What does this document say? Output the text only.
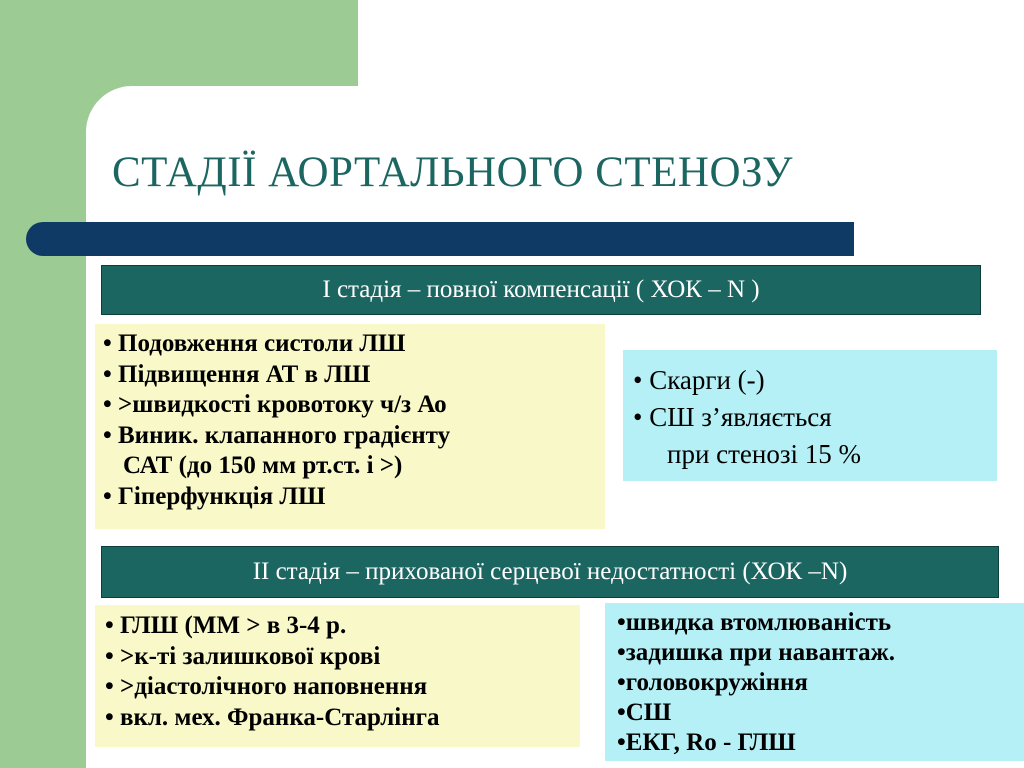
СТАДІЇ АОРТАЛЬНОГО СТЕНОЗУ
I стадія – повної компенсації ( ХОК – N )
• Подовження систоли ЛШ
• Підвищення АТ в ЛШ
• >швидкості кровотоку ч/з Ао
• Виник. клапанного градієнту
САТ (до 150 мм рт.ст. і >)
• Гіперфункція ЛШ
• Скарги (-)
• СШ з’являється
при стенозі 15 %
II стадія – прихованої серцевої недостатності (ХОК –N)
• ГЛШ (ММ > в 3-4 р.
• >к-ті залишкової крові
• >діастолічного наповнення
• вкл. мех. Франка-Старлінга
•швидка втомлюваність
•задишка при навантаж.
•головокружіння
•СШ
•ЕКГ, Ro - ГЛШ
